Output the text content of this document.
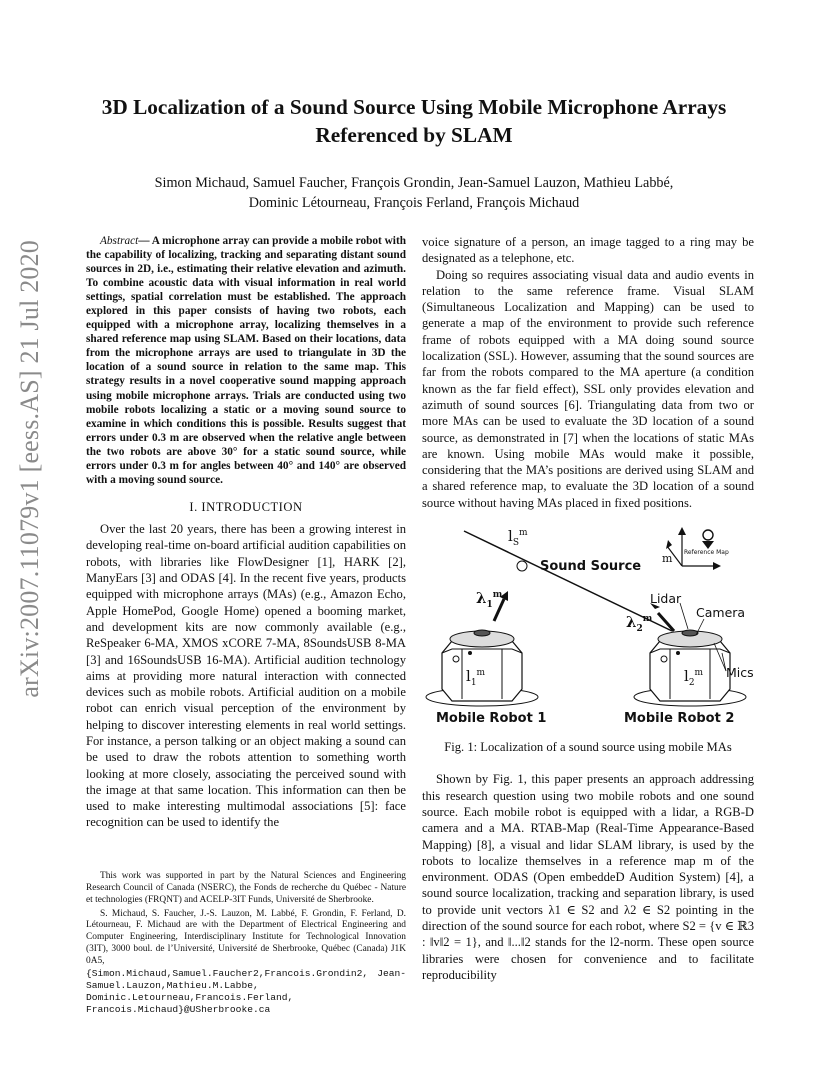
arXiv:2007.11079v1 [eess.AS] 21 Jul 2020
3D Localization of a Sound Source Using Mobile Microphone Arrays
Referenced by SLAM
Simon Michaud, Samuel Faucher, François Grondin, Jean-Samuel Lauzon, Mathieu Labbé,
Dominic Létourneau, François Ferland, François Michaud

Abstract— A microphone array can provide a mobile robot with the capability of localizing, tracking and separating distant sound sources in 2D, i.e., estimating their relative elevation and azimuth. To combine acoustic data with visual information in real world settings, spatial correlation must be established. The approach explored in this paper consists of having two robots, each equipped with a microphone array, localizing themselves in a shared reference map using SLAM. Based on their locations, data from the microphone arrays are used to triangulate in 3D the location of a sound source in relation to the same map. This strategy results in a novel cooperative sound mapping approach using mobile microphone arrays. Trials are conducted using two mobile robots localizing a static or a moving sound source to examine in which conditions this is possible. Results suggest that errors under 0.3 m are observed when the relative angle between the two robots are above 30° for a static sound source, while errors under 0.3 m for angles between 40° and 140° are observed with a moving sound source.

I. INTRODUCTION

Over the last 20 years, there has been a growing interest in developing real-time on-board artificial audition capabilities on robots, with libraries like FlowDesigner [1], HARK [2], ManyEars [3] and ODAS [4]. In the recent five years, products equipped with microphone arrays (MAs) (e.g., Amazon Echo, Apple HomePod, Google Home) opened a booming market, and development kits are now commonly available (e.g., ReSpeaker 6-MA, XMOS xCORE 7-MA, 8SoundsUSB 8-MA [3] and 16SoundsUSB 16-MA). Artificial audition technology aims at providing more natural interaction with connected devices such as mobile robots. Artificial audition on a mobile robot can enrich visual perception of the environment by helping to discover interesting elements in real world settings. For instance, a person talking or an object making a sound can be used to draw the robots attention to something worth looking at more closely, associating the perceived sound with the image at that same location. This information can then be used to make interesting multimodal associations [5]: face recognition can be used to identify the

This work was supported in part by the Natural Sciences and Engineering Research Council of Canada (NSERC), the Fonds de recherche du Québec - Nature et technologies (FRQNT) and ACELP-3IT Funds, Université de Sherbrooke.

S. Michaud, S. Faucher, J.-S. Lauzon, M. Labbé, F. Grondin, F. Ferland, D. Létourneau, F. Michaud are with the Department of Electrical Engineering and Computer Engineering, Interdisciplinary Institute for Technological Innovation (3IT), 3000 boul. de l’Université, Université de Sherbrooke, Québec (Canada) J1K 0A5,

{Simon.Michaud,Samuel.Faucher2,Francois.Grondin2, Jean-Samuel.Lauzon,Mathieu.M.Labbe, Dominic.Letourneau,Francois.Ferland, Francois.Michaud}@USherbrooke.ca

voice signature of a person, an image tagged to a ring may be designated as a telephone, etc.

Doing so requires associating visual data and audio events in relation to the same reference frame. Visual SLAM (Simultaneous Localization and Mapping) can be used to generate a map of the environment to provide such reference frame of robots equipped with a MA doing sound source localization (SSL). However, assuming that the sound sources are far from the robots compared to the MA aperture (a condition known as the far field effect), SSL only provides elevation and azimuth of sound sources [6]. Triangulating data from two or more MAs can be used to evaluate the 3D location of a sound source, as demonstrated in [7] when the locations of static MAs are known. Using mobile MAs would make it possible, considering that the MA’s positions are derived using SLAM and a shared reference map, to evaluate the 3D location of a sound source without having MAs placed in fixed positions.

$l_S^m$
Sound Source
m Reference Map
$\lambda_1^m$
$\lambda_2^m$
Lidar
Camera
Mics
$l_1^m$	$l_2^m$
Mobile Robot 1	Mobile Robot 2
Fig. 1: Localization of a sound source using mobile MAs

Shown by Fig. 1, this paper presents an approach addressing this research question using two mobile robots and one sound source. Each mobile robot is equipped with a lidar, a RGB-D camera and a MA. RTAB-Map (Real-Time Appearance-Based Mapping) [8], a visual and lidar SLAM library, is used by the robots to localize themselves in a reference map m of the environment. ODAS (Open embeddeD Audition System) [4], a sound source localization, tracking and separation library, is used to provide unit vectors λ1 ∈ S2 and λ2 ∈ S2 pointing in the direction of the sound source for each robot, where S2 = {v ∈ ℝ3 : ‖v‖2 = 1}, and ‖...‖2 stands for the l2-norm. These open source libraries were chosen for convenience and to facilitate reproducibility
